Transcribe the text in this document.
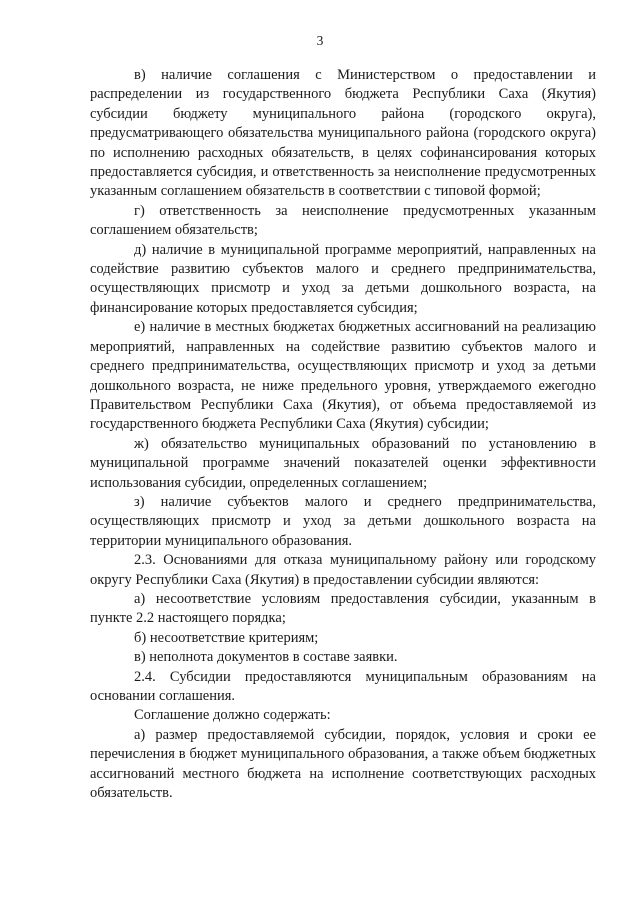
3

в) наличие соглашения с Министерством о предоставлении и распределении из государственного бюджета Республики Саха (Якутия) субсидии бюджету муниципального района (городского округа), предусматривающего обязательства муниципального района (городского округа) по исполнению расходных обязательств, в целях софинансирования которых предоставляется субсидия, и ответственность за неисполнение предусмотренных указанным соглашением обязательств в соответствии с типовой формой;

г) ответственность за неисполнение предусмотренных указанным соглашением обязательств;

д) наличие в муниципальной программе мероприятий, направленных на содействие развитию субъектов малого и среднего предпринимательства, осуществляющих присмотр и уход за детьми дошкольного возраста, на финансирование которых предоставляется субсидия;

е) наличие в местных бюджетах бюджетных ассигнований на реализацию мероприятий, направленных на содействие развитию субъектов малого и среднего предпринимательства, осуществляющих присмотр и уход за детьми дошкольного возраста, не ниже предельного уровня, утверждаемого ежегодно Правительством Республики Саха (Якутия), от объема предоставляемой из государственного бюджета Республики Саха (Якутия) субсидии;

ж) обязательство муниципальных образований по установлению в муниципальной программе значений показателей оценки эффективности использования субсидии, определенных соглашением;

з) наличие субъектов малого и среднего предпринимательства, осуществляющих присмотр и уход за детьми дошкольного возраста на территории муниципального образования.

2.3. Основаниями для отказа муниципальному району или городскому округу Республики Саха (Якутия) в предоставлении субсидии являются:

а) несоответствие условиям предоставления субсидии, указанным в пункте 2.2 настоящего порядка;

б) несоответствие критериям;

в) неполнота документов в составе заявки.

2.4. Субсидии предоставляются муниципальным образованиям на основании соглашения.

Соглашение должно содержать:

а) размер предоставляемой субсидии, порядок, условия и сроки ее перечисления в бюджет муниципального образования, а также объем бюджетных ассигнований местного бюджета на исполнение соответствующих расходных обязательств.
